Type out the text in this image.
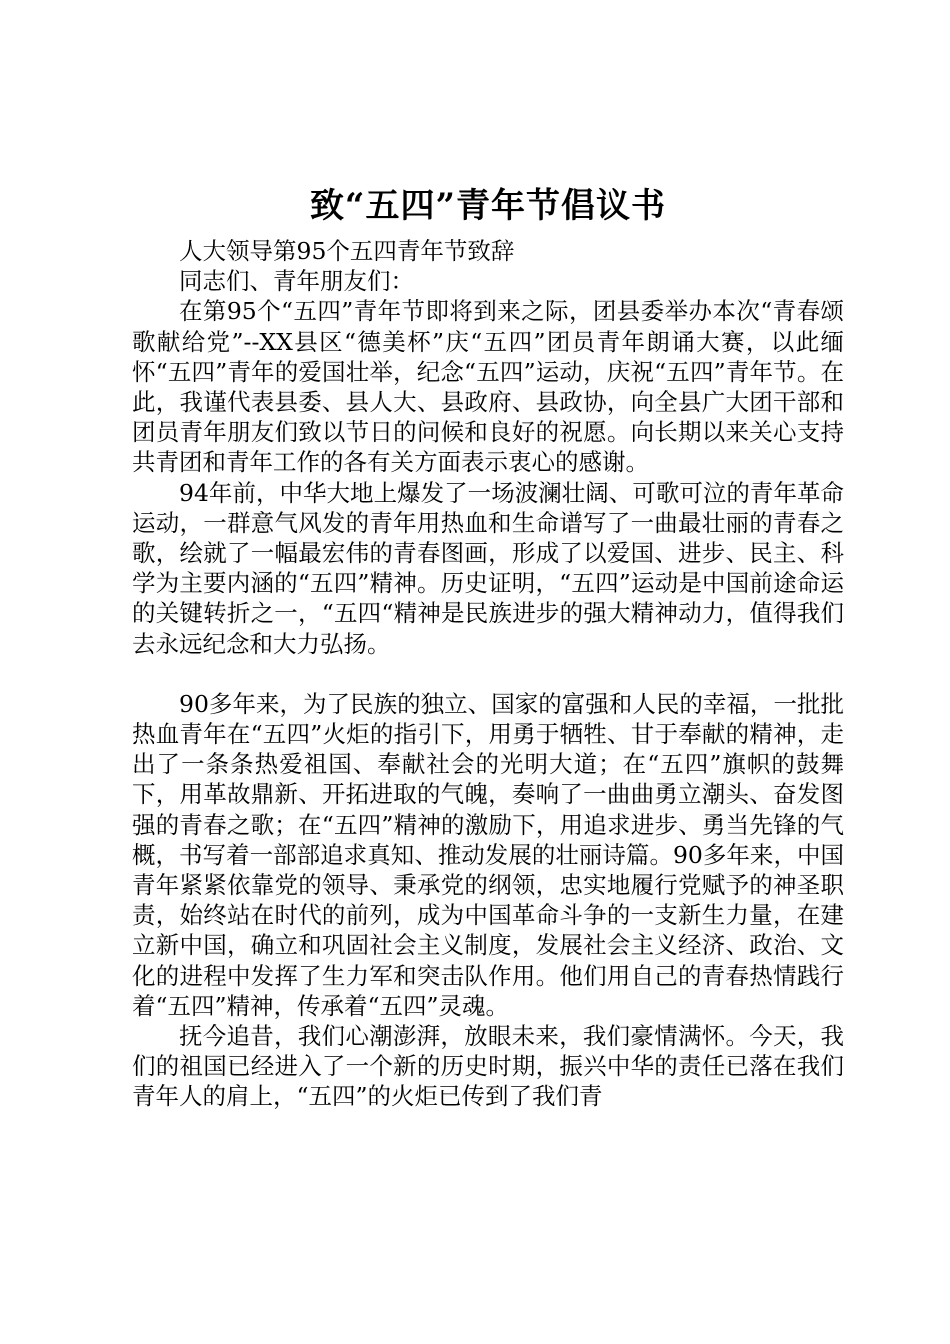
致“五四”青年节倡议书

人大领导第95个五四青年节致辞

同志们、青年朋友们：

在第95个“五四”青年节即将到来之际，团县委举办本次“青春颂歌献给党”--XX县区“德美杯”庆“五四”团员青年朗诵大赛，以此缅怀“五四”青年的爱国壮举，纪念“五四”运动，庆祝“五四”青年节。在此，我谨代表县委、县人大、县政府、县政协，向全县广大团干部和团员青年朋友们致以节日的问候和良好的祝愿。向长期以来关心支持共青团和青年工作的各有关方面表示衷心的感谢。

94年前，中华大地上爆发了一场波澜壮阔、可歌可泣的青年革命运动，一群意气风发的青年用热血和生命谱写了一曲最壮丽的青春之歌，绘就了一幅最宏伟的青春图画，形成了以爱国、进步、民主、科学为主要内涵的“五四”精神。历史证明，“五四”运动是中国前途命运的关键转折之一，“五四“精神是民族进步的强大精神动力，值得我们去永远纪念和大力弘扬。

90多年来，为了民族的独立、国家的富强和人民的幸福，一批批热血青年在“五四”火炬的指引下，用勇于牺牲、甘于奉献的精神，走出了一条条热爱祖国、奉献社会的光明大道；在“五四”旗帜的鼓舞下，用革故鼎新、开拓进取的气魄，奏响了一曲曲勇立潮头、奋发图强的青春之歌；在“五四”精神的激励下，用追求进步、勇当先锋的气概，书写着一部部追求真知、推动发展的壮丽诗篇。90多年来，中国青年紧紧依靠党的领导、秉承党的纲领，忠实地履行党赋予的神圣职责，始终站在时代的前列，成为中国革命斗争的一支新生力量，在建立新中国，确立和巩固社会主义制度，发展社会主义经济、政治、文化的进程中发挥了生力军和突击队作用。他们用自己的青春热情践行着“五四”精神，传承着“五四”灵魂。

抚今追昔，我们心潮澎湃，放眼未来，我们豪情满怀。今天，我们的祖国已经进入了一个新的历史时期，振兴中华的责任已落在我们青年人的肩上，“五四”的火炬已传到了我们青
